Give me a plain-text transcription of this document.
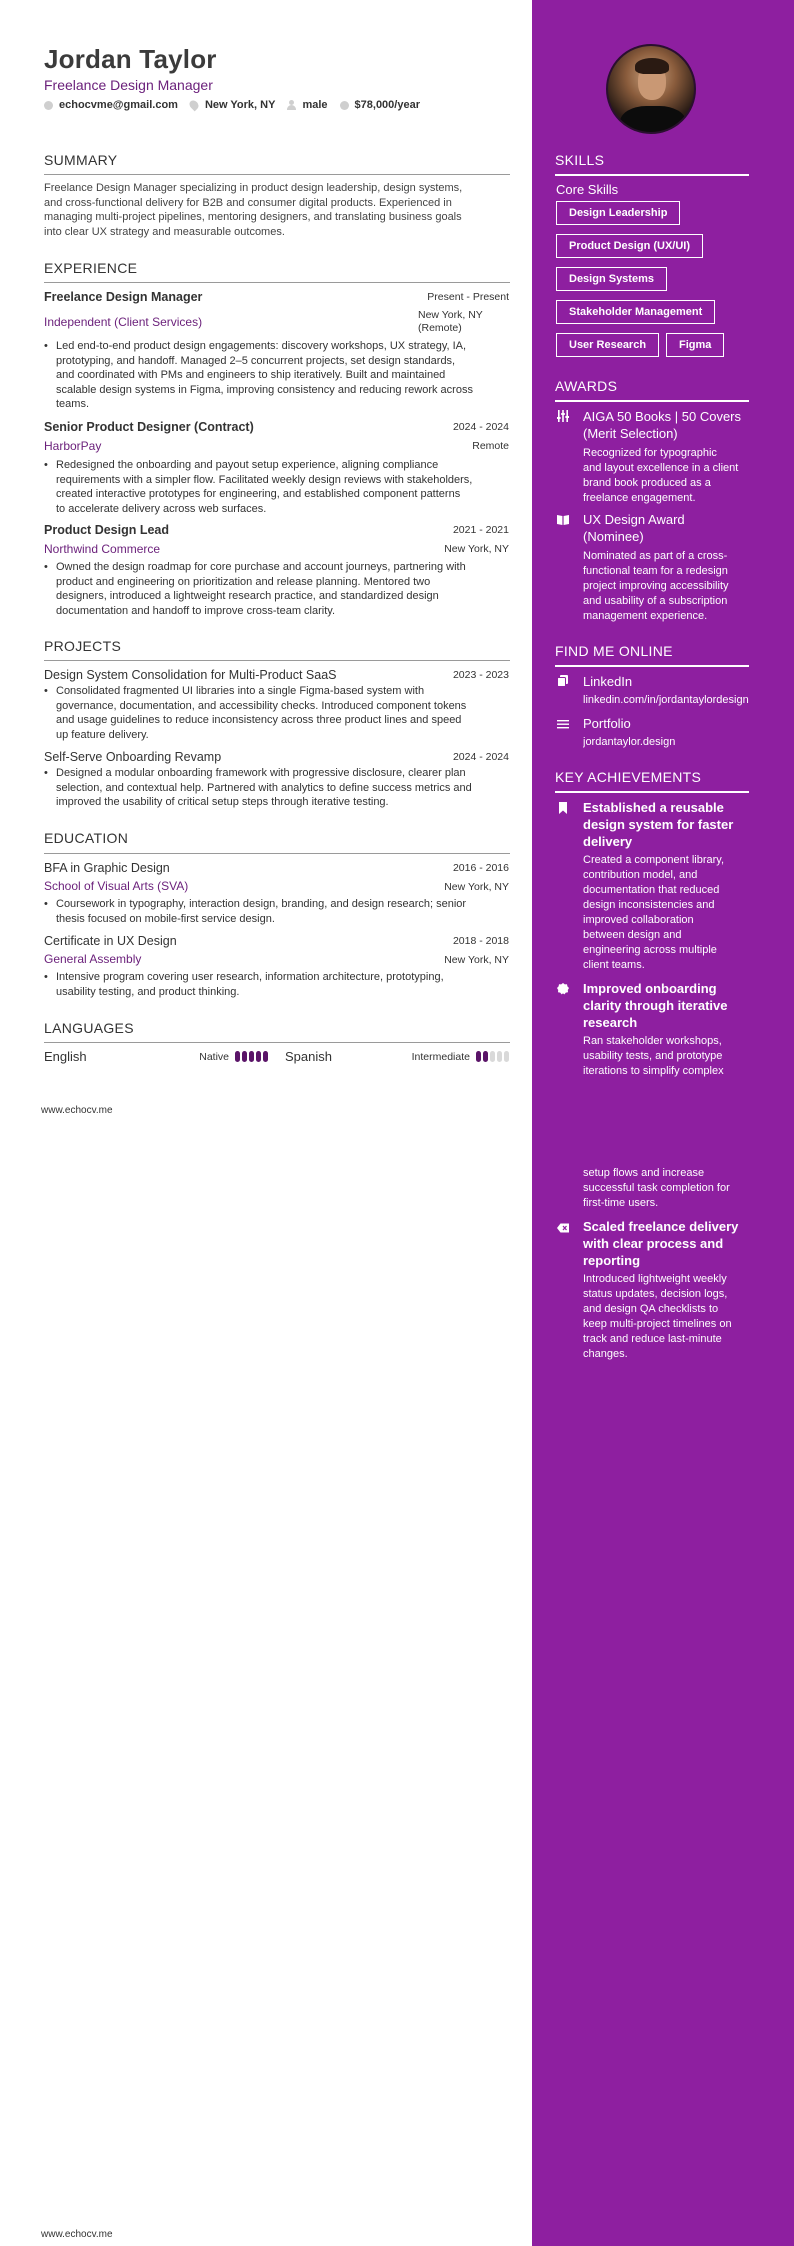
Jordan Taylor
Freelance Design Manager
echocvme@gmail.com New York, NY male $78,000/year
SUMMARY
Freelance Design Manager specializing in product design leadership, design systems,
and cross-functional delivery for B2B and consumer digital products. Experienced in
managing multi-project pipelines, mentoring designers, and translating business goals
into clear UX strategy and measurable outcomes.
EXPERIENCE
Freelance Design Manager	Present - Present
Independent (Client Services)	New York, NY
(Remote)
• Led end-to-end product design engagements: discovery workshops, UX strategy, IA,
prototyping, and handoff. Managed 2–5 concurrent projects, set design standards,
and coordinated with PMs and engineers to ship iteratively. Built and maintained
scalable design systems in Figma, improving consistency and reducing rework across
teams.
Senior Product Designer (Contract)	2024 - 2024
HarborPay	Remote
• Redesigned the onboarding and payout setup experience, aligning compliance
requirements with a simpler flow. Facilitated weekly design reviews with stakeholders,
created interactive prototypes for engineering, and established component patterns
to accelerate delivery across web surfaces.
Product Design Lead	2021 - 2021
Northwind Commerce	New York, NY
• Owned the design roadmap for core purchase and account journeys, partnering with
product and engineering on prioritization and release planning. Mentored two
designers, introduced a lightweight research practice, and standardized design
documentation and handoff to improve cross-team clarity.
PROJECTS
Design System Consolidation for Multi-Product SaaS	2023 - 2023
• Consolidated fragmented UI libraries into a single Figma-based system with
governance, documentation, and accessibility checks. Introduced component tokens
and usage guidelines to reduce inconsistency across three product lines and speed
up feature delivery.
Self-Serve Onboarding Revamp	2024 - 2024
• Designed a modular onboarding framework with progressive disclosure, clearer plan
selection, and contextual help. Partnered with analytics to define success metrics and
improved the usability of critical setup steps through iterative testing.
EDUCATION
BFA in Graphic Design	2016 - 2016
School of Visual Arts (SVA)	New York, NY
• Coursework in typography, interaction design, branding, and design research; senior
thesis focused on mobile-first service design.
Certificate in UX Design	2018 - 2018
General Assembly	New York, NY
• Intensive program covering user research, information architecture, prototyping,
usability testing, and product thinking.
LANGUAGES
English	Native	Spanish	Intermediate
www.echocv.me
www.echocv.me
SKILLS
Core Skills
Design Leadership
Product Design (UX/UI)
Design Systems
Stakeholder Management
User Research	Figma
AWARDS
AIGA 50 Books | 50 Covers
(Merit Selection)
Recognized for typographic
and layout excellence in a client
brand book produced as a
freelance engagement.
UX Design Award
(Nominee)
Nominated as part of a cross-
functional team for a redesign
project improving accessibility
and usability of a subscription
management experience.
FIND ME ONLINE
LinkedIn
linkedin.com/in/jordantaylordesign
Portfolio
jordantaylor.design
KEY ACHIEVEMENTS
Established a reusable
design system for faster
delivery
Created a component library,
contribution model, and
documentation that reduced
design inconsistencies and
improved collaboration
between design and
engineering across multiple
client teams.
Improved onboarding
clarity through iterative
research
Ran stakeholder workshops,
usability tests, and prototype
iterations to simplify complex
setup flows and increase
successful task completion for
first-time users.
Scaled freelance delivery
with clear process and
reporting
Introduced lightweight weekly
status updates, decision logs,
and design QA checklists to
keep multi-project timelines on
track and reduce last-minute
changes.
